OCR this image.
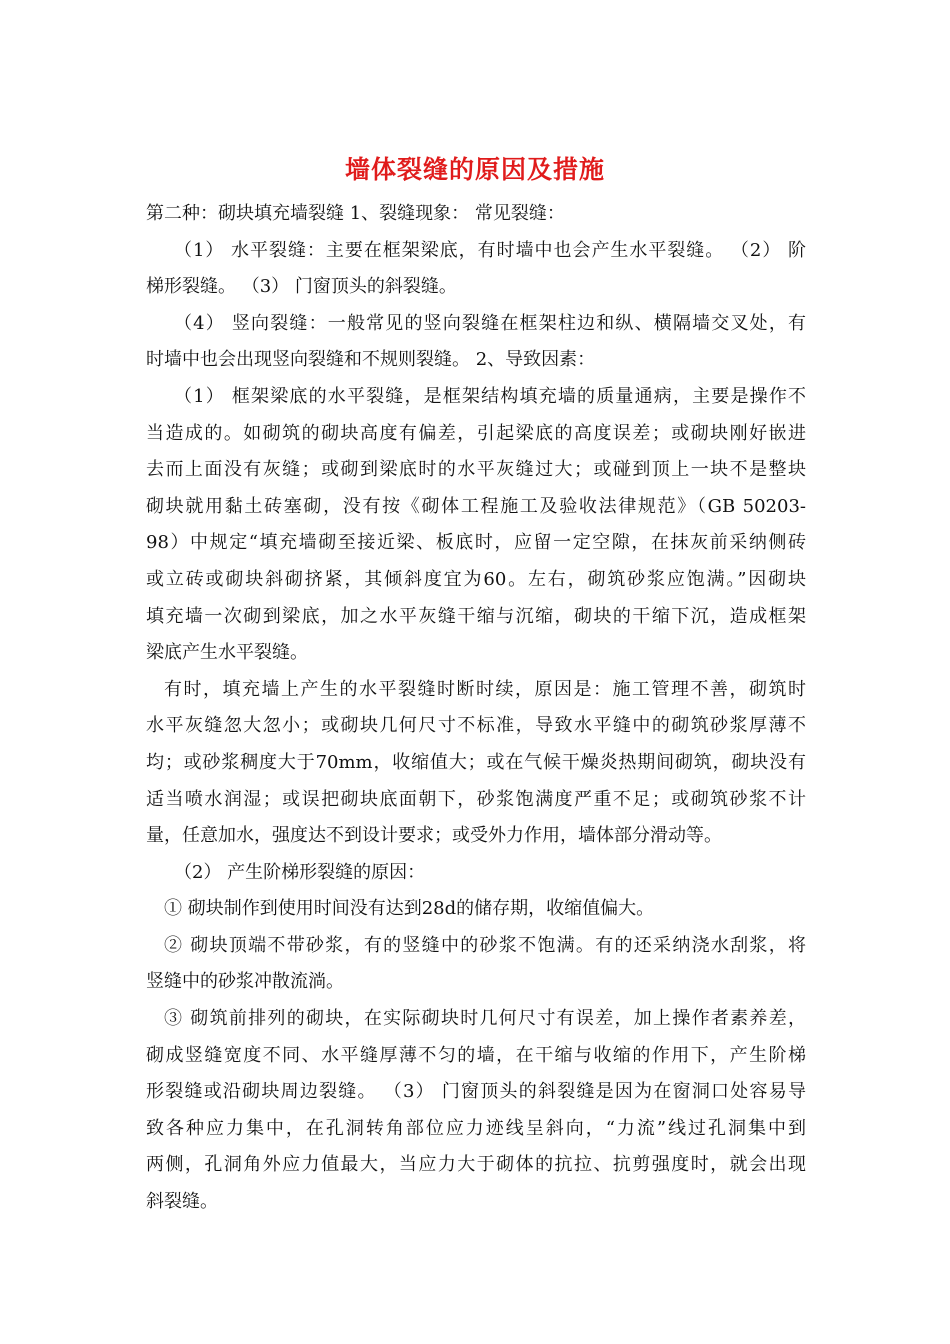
墙体裂缝的原因及措施

第二种：砌块填充墙裂缝 1、裂缝现象： 常见裂缝：

（1） 水平裂缝：主要在框架梁底，有时墙中也会产生水平裂缝。 （2） 阶

梯形裂缝。 （3） 门窗顶头的斜裂缝。

（4） 竖向裂缝：一般常见的竖向裂缝在框架柱边和纵、横隔墙交叉处，有

时墙中也会出现竖向裂缝和不规则裂缝。 2、导致因素：

（1） 框架梁底的水平裂缝，是框架结构填充墙的质量通病，主要是操作不

当造成的。如砌筑的砌块高度有偏差，引起梁底的高度误差；或砌块刚好嵌进

去而上面没有灰缝；或砌到梁底时的水平灰缝过大；或碰到顶上一块不是整块

砌块就用黏土砖塞砌，没有按《砌体工程施工及验收法律规范》（GB 50203-

98）中规定“填充墙砌至接近梁、板底时，应留一定空隙，在抹灰前采纳侧砖

或立砖或砌块斜砌挤紧，其倾斜度宜为60。左右，砌筑砂浆应饱满。”因砌块

填充墙一次砌到梁底，加之水平灰缝干缩与沉缩，砌块的干缩下沉，造成框架

梁底产生水平裂缝。

有时，填充墙上产生的水平裂缝时断时续，原因是：施工管理不善，砌筑时

水平灰缝忽大忽小；或砌块几何尺寸不标准，导致水平缝中的砌筑砂浆厚薄不

均；或砂浆稠度大于70mm，收缩值大；或在气候干燥炎热期间砌筑，砌块没有

适当喷水润湿；或误把砌块底面朝下，砂浆饱满度严重不足；或砌筑砂浆不计

量，任意加水，强度达不到设计要求；或受外力作用，墙体部分滑动等。

（2） 产生阶梯形裂缝的原因：

① 砌块制作到使用时间没有达到28d的储存期，收缩值偏大。

② 砌块顶端不带砂浆，有的竖缝中的砂浆不饱满。有的还采纳浇水刮浆，将

竖缝中的砂浆冲散流淌。

③ 砌筑前排列的砌块，在实际砌块时几何尺寸有误差，加上操作者素养差，

砌成竖缝宽度不同、水平缝厚薄不匀的墙，在干缩与收缩的作用下，产生阶梯

形裂缝或沿砌块周边裂缝。 （3） 门窗顶头的斜裂缝是因为在窗洞口处容易导

致各种应力集中，在孔洞转角部位应力迹线呈斜向，“力流”线过孔洞集中到

两侧，孔洞角外应力值最大，当应力大于砌体的抗拉、抗剪强度时，就会出现

斜裂缝。
